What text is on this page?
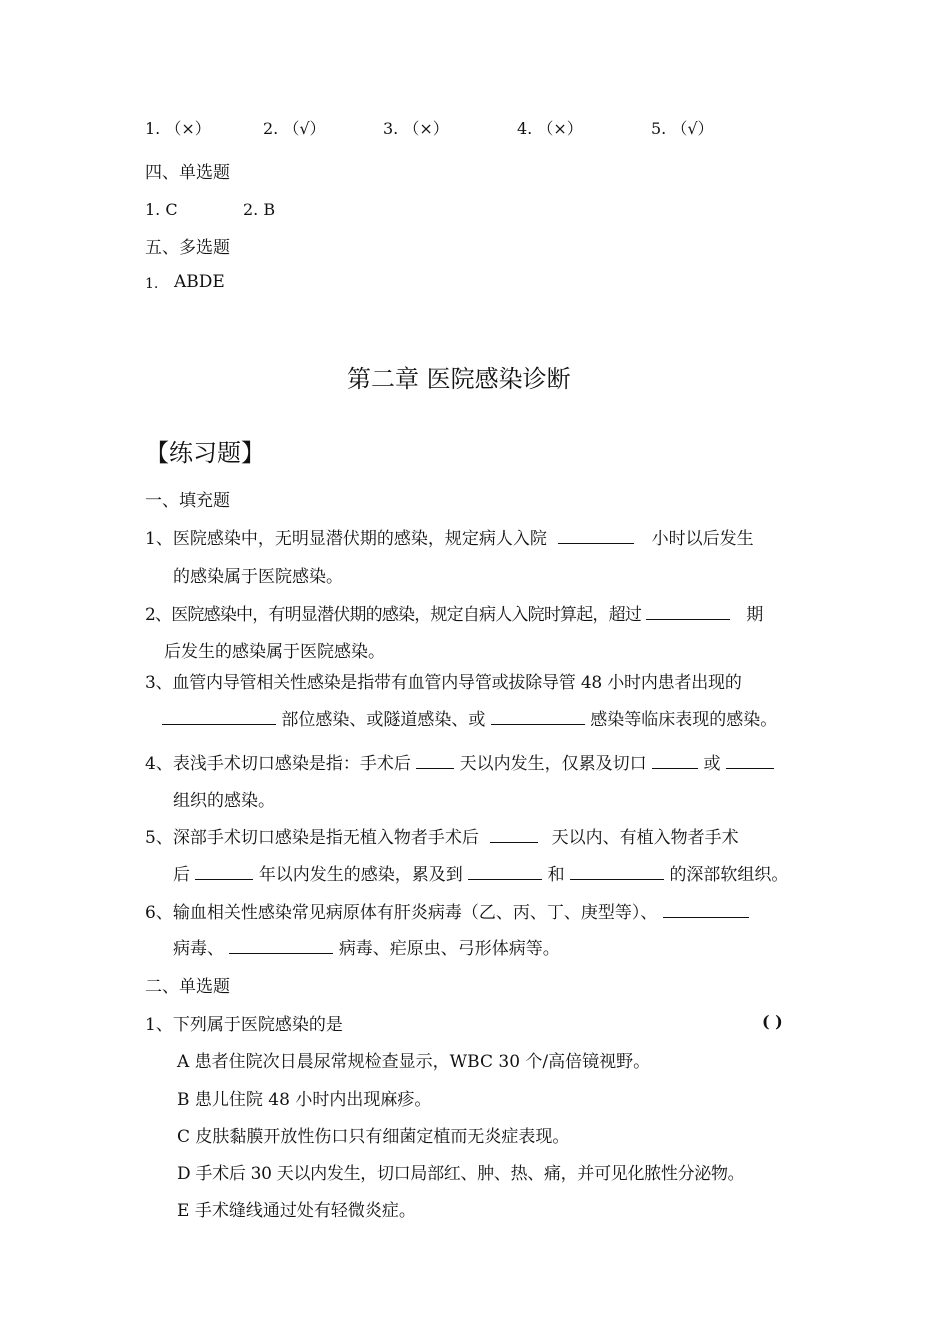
1. （×）	2. （√）	3. （×）	4. （×）	5. （√）
四、单选题
1. C	2. B
五、多选题
1. ABDE
第二章 医院感染诊断
【练习题】
一、填充题
1、医院感染中，无明显潜伏期的感染，规定病人入院	小时以后发生
的感染属于医院感染。
2、医院感染中，有明显潜伏期的感染，规定自病人入院时算起，超过	期
后发生的感染属于医院感染。
3、血管内导管相关性感染是指带有血管内导管或拔除导管 48 小时内患者出现的
部位感染、或隧道感染、或	感染等临床表现的感染。
4、表浅手术切口感染是指：手术后	天以内发生，仅累及切口	或
组织的感染。
5、深部手术切口感染是指无植入物者手术后	天以内、有植入物者手术
后	年以内发生的感染，累及到	和	的深部软组织。
6、输血相关性感染常见病原体有肝炎病毒（乙、丙、丁、庚型等）、
病毒、	病毒、疟原虫、弓形体病等。
二、单选题
1、下列属于医院感染的是	( )
A 患者住院次日晨尿常规检查显示，WBC 30 个/高倍镜视野。
B 患儿住院 48 小时内出现麻疹。
C 皮肤黏膜开放性伤口只有细菌定植而无炎症表现。
D 手术后 30 天以内发生，切口局部红、肿、热、痛，并可见化脓性分泌物。
E 手术缝线通过处有轻微炎症。
